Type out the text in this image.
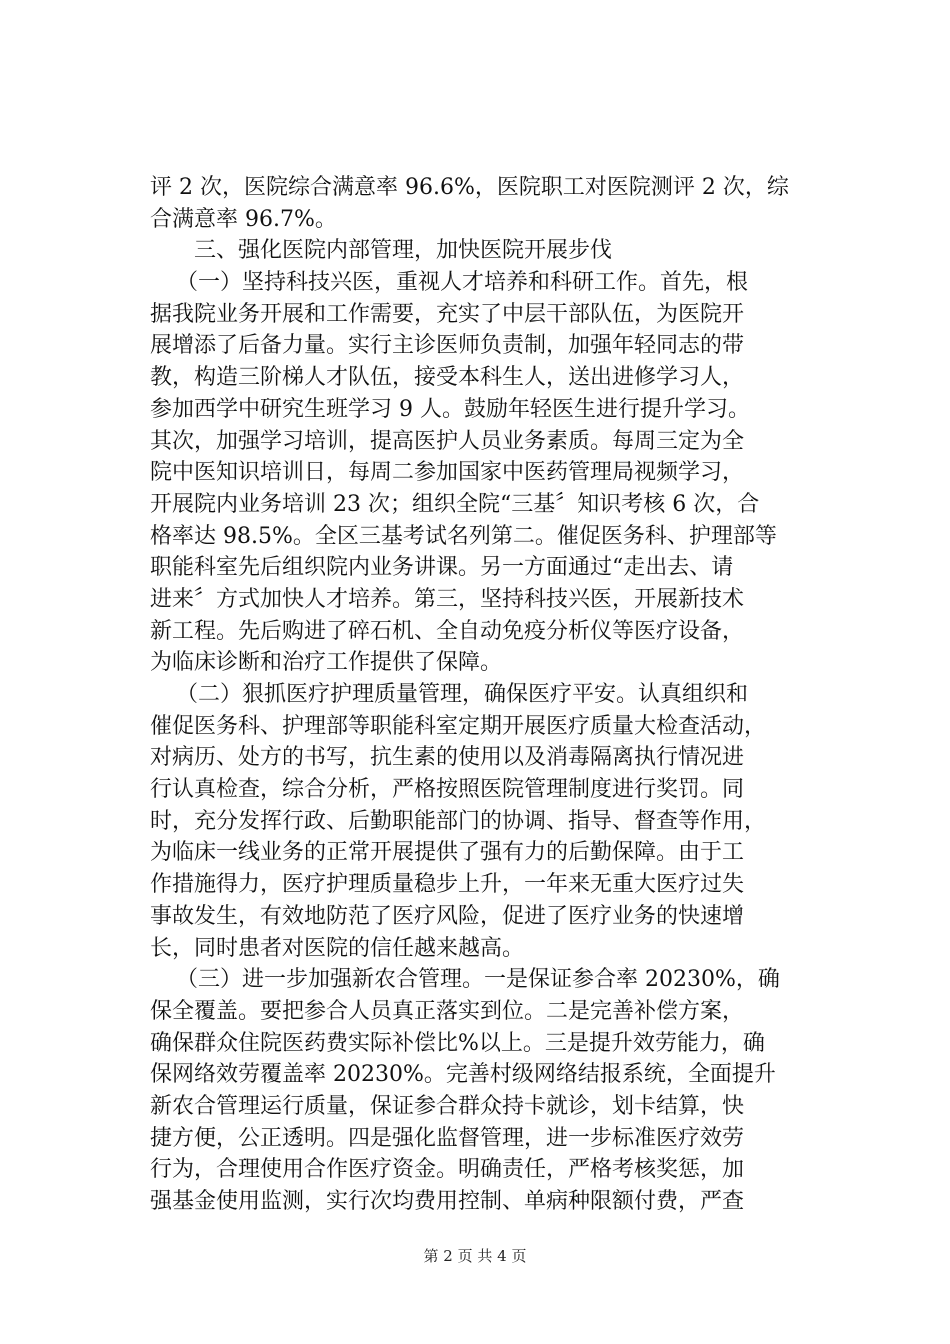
评 2 次，医院综合满意率 96.6%，医院职工对医院测评 2 次，综
合满意率 96.7%。
三、强化医院内部管理，加快医院开展步伐
（一）坚持科技兴医，重视人才培养和科研工作。首先，根
据我院业务开展和工作需要，充实了中层干部队伍，为医院开
展增添了后备力量。实行主诊医师负责制，加强年轻同志的带
教，构造三阶梯人才队伍，接受本科生人，送出进修学习人，
参加西学中研究生班学习 9 人。鼓励年轻医生进行提升学习。
其次，加强学习培训，提高医护人员业务素质。每周三定为全
院中医知识培训日，每周二参加国家中医药管理局视频学习，
开展院内业务培训 23 次；组织全院“三基〞知识考核 6 次，合
格率达 98.5%。全区三基考试名列第二。催促医务科、护理部等
职能科室先后组织院内业务讲课。另一方面通过“走出去、请
进来〞方式加快人才培养。第三，坚持科技兴医，开展新技术
新工程。先后购进了碎石机、全自动免疫分析仪等医疗设备，
为临床诊断和治疗工作提供了保障。
（二）狠抓医疗护理质量管理，确保医疗平安。认真组织和
催促医务科、护理部等职能科室定期开展医疗质量大检查活动，
对病历、处方的书写，抗生素的使用以及消毒隔离执行情况进
行认真检查，综合分析，严格按照医院管理制度进行奖罚。同
时，充分发挥行政、后勤职能部门的协调、指导、督查等作用，
为临床一线业务的正常开展提供了强有力的后勤保障。由于工
作措施得力，医疗护理质量稳步上升，一年来无重大医疗过失
事故发生，有效地防范了医疗风险，促进了医疗业务的快速增
长，同时患者对医院的信任越来越高。
（三）进一步加强新农合管理。一是保证参合率 20230%，确
保全覆盖。要把参合人员真正落实到位。二是完善补偿方案，
确保群众住院医药费实际补偿比%以上。三是提升效劳能力，确
保网络效劳覆盖率 20230%。完善村级网络结报系统，全面提升
新农合管理运行质量，保证参合群众持卡就诊，划卡结算，快
捷方便，公正透明。四是强化监督管理，进一步标准医疗效劳
行为，合理使用合作医疗资金。明确责任，严格考核奖惩，加
强基金使用监测，实行次均费用控制、单病种限额付费，严查
第 2 页 共 4 页
